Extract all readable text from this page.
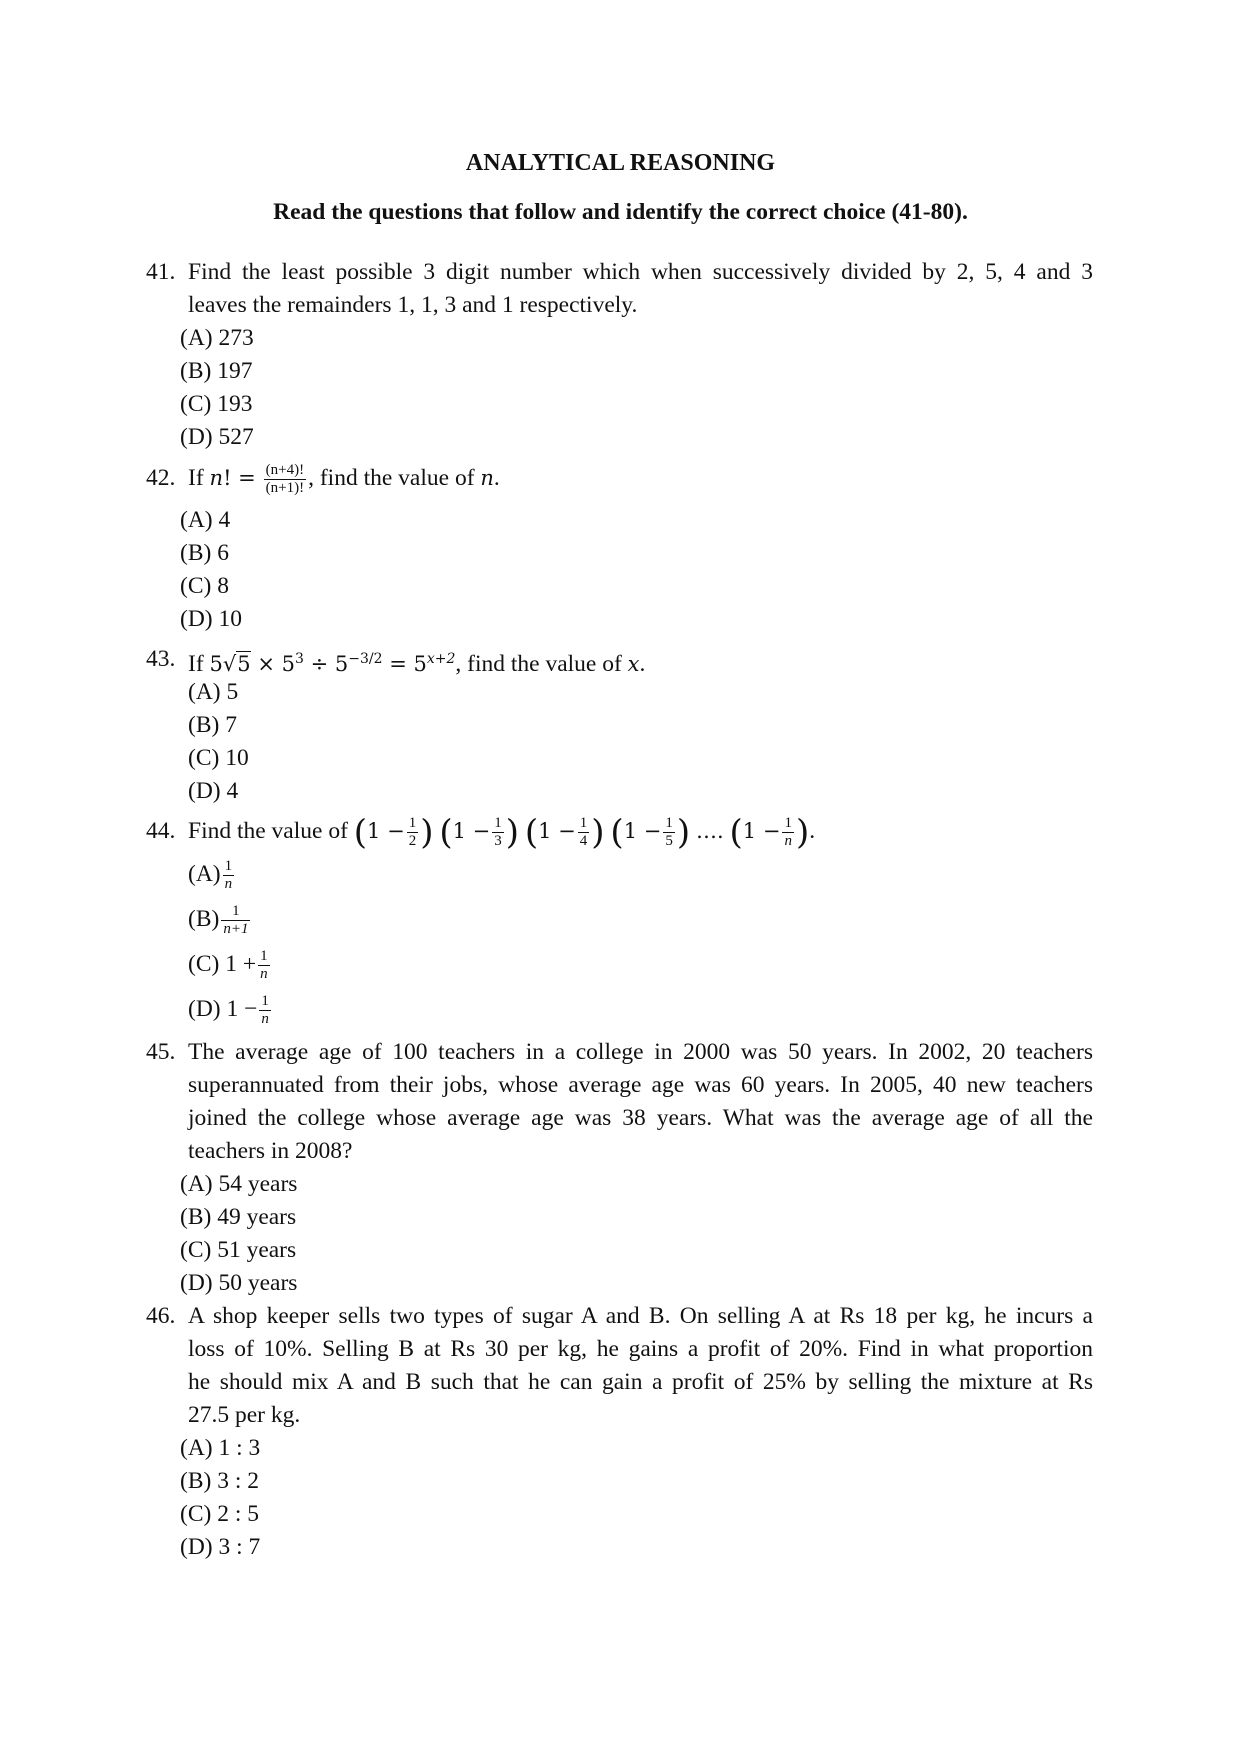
ANALYTICAL REASONING
Read the questions that follow and identify the correct choice (41-80).
41. Find the least possible 3 digit number which when successively divided by 2, 5, 4 and 3
leaves the remainders 1, 1, 3 and 1 respectively.
(A) 273
(B) 197
(C) 193
(D) 527
42. If n! = $\frac{(n+4)!}{(n+1)!}$ , find the value of n.
(A) 4
(B) 6
(C) 8
(D) 10
43. If $5√5 \times 5^3 \div 5^{-3/2} = 5^{x+2}$, find the value of x.
(A) 5
(B) 7
(C) 10
(D) 4
44. Find the value of ($1 - \frac{1}{2}$ ) ($1 - \frac{1}{3}$ ) ($1 - \frac{1}{4}$ ) ($1 - \frac{1}{5}$ ) …. ($1 - \frac{1}{n}$ ).
$(A) \frac{1}{n}$
$(B) \frac{1}{n+1}$
(C) $1 + \frac{1}{n}$
(D) $1 - \frac{1}{n}$
45. The average age of 100 teachers in a college in 2000 was 50 years. In 2002, 20 teachers
superannuated from their jobs, whose average age was 60 years. In 2005, 40 new teachers
joined the college whose average age was 38 years. What was the average age of all the
teachers in 2008?
(A) 54 years
(B) 49 years
(C) 51 years
(D) 50 years
46. A shop keeper sells two types of sugar A and B. On selling A at Rs 18 per kg, he incurs a
loss of 10%. Selling B at Rs 30 per kg, he gains a profit of 20%. Find in what proportion
he should mix A and B such that he can gain a profit of 25% by selling the mixture at Rs
27.5 per kg.
(A) 1 : 3
(B) 3 : 2
(C) 2 : 5
(D) 3 : 7
